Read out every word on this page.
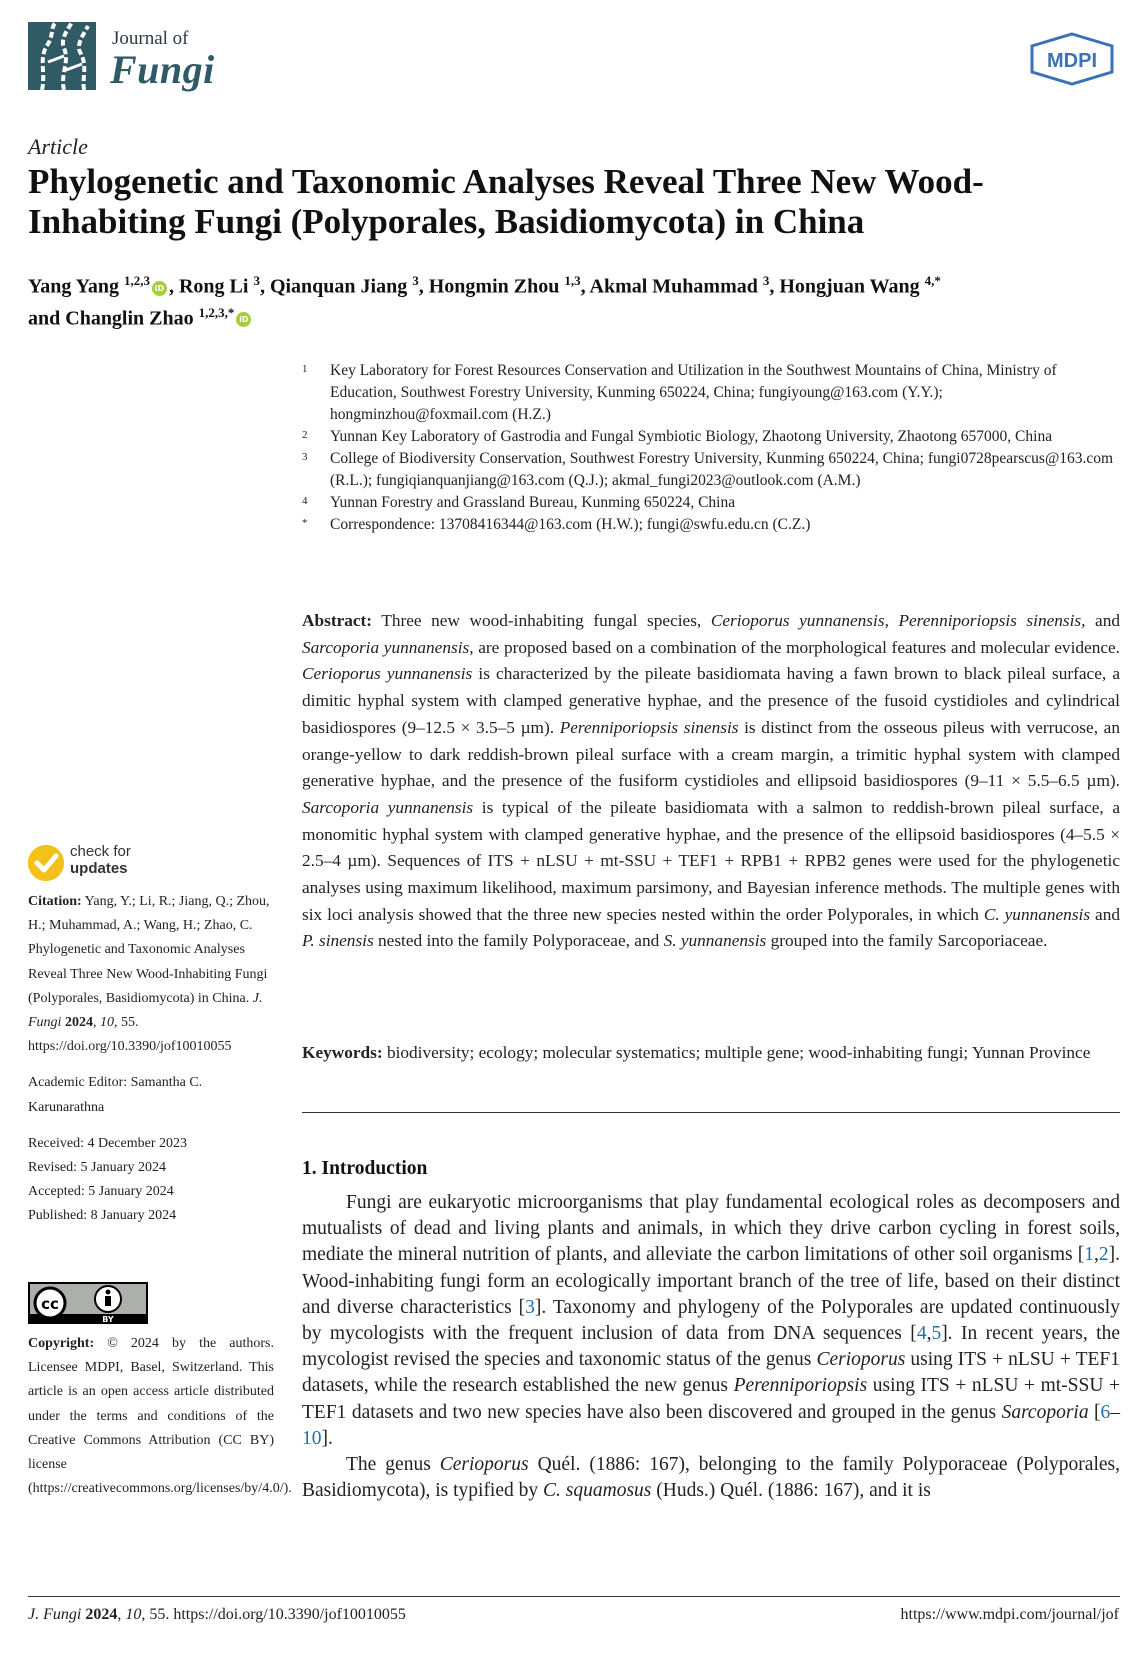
Journal of
Fungi	MDPI
Article
Phylogenetic and Taxonomic Analyses Reveal Three New Wood-Inhabiting Fungi (Polyporales, Basidiomycota) in China
Yang Yang $^{1,2,3}$iD , Rong Li $^3$, Qianquan Jiang $^3$, Hongmin Zhou $^{1,3}$, Akmal Muhammad $^3$, Hongjuan Wang $^{4,*}$
and Changlin Zhao $^{1,2,3,*}$iD
1	Key Laboratory for Forest Resources Conservation and Utilization in the Southwest Mountains of China, Ministry of Education, Southwest Forestry University, Kunming 650224, China; fungiyoung@163.com (Y.Y.); hongminzhou@foxmail.com (H.Z.)
2	Yunnan Key Laboratory of Gastrodia and Fungal Symbiotic Biology, Zhaotong University, Zhaotong 657000, China
3	College of Biodiversity Conservation, Southwest Forestry University, Kunming 650224, China; fungi0728pearscus@163.com (R.L.); fungiqianquanjiang@163.com (Q.J.); akmal_fungi2023@outlook.com (A.M.)
4	Yunnan Forestry and Grassland Bureau, Kunming 650224, China
*	Correspondence: 13708416344@163.com (H.W.); fungi@swfu.edu.cn (C.Z.)
Abstract: Three new wood-inhabiting fungal species, Cerioporus yunnanensis, Perenniporiopsis sinensis, and Sarcoporia yunnanensis, are proposed based on a combination of the morphological features and molecular evidence. Cerioporus yunnanensis is characterized by the pileate basidiomata having a fawn brown to black pileal surface, a dimitic hyphal system with clamped generative hyphae, and the presence of the fusoid cystidioles and cylindrical basidiospores (9–12.5 × 3.5–5 µm). Perenniporiopsis sinensis is distinct from the osseous pileus with verrucose, an orange-yellow to dark reddish-brown pileal surface with a cream margin, a trimitic hyphal system with clamped generative hyphae, and the presence of the fusiform cystidioles and ellipsoid basidiospores (9–11 × 5.5–6.5 µm). Sarcoporia yunnanensis is typical of the pileate basidiomata with a salmon to reddish-brown pileal surface, a monomitic hyphal system with clamped generative hyphae, and the presence of the ellipsoid basidiospores (4–5.5 × 2.5–4 µm). Sequences of ITS + nLSU + mt-SSU + TEF1 + RPB1 + RPB2 genes were used for the phylogenetic analyses using maximum likelihood, maximum parsimony, and Bayesian inference methods. The multiple genes with six loci analysis showed that the three new species nested within the order Polyporales, in which C. yunnanensis and P. sinensis nested into the family Polyporaceae, and S. yunnanensis grouped into the family Sarcoporiaceae.
Keywords: biodiversity; ecology; molecular systematics; multiple gene; wood-inhabiting fungi; Yunnan Province
1. Introduction

Fungi are eukaryotic microorganisms that play fundamental ecological roles as decomposers and mutualists of dead and living plants and animals, in which they drive carbon cycling in forest soils, mediate the mineral nutrition of plants, and alleviate the carbon limitations of other soil organisms [1,2]. Wood-inhabiting fungi form an ecologically important branch of the tree of life, based on their distinct and diverse characteristics [3]. Taxonomy and phylogeny of the Polyporales are updated continuously by mycologists with the frequent inclusion of data from DNA sequences [4,5]. In recent years, the mycologist revised the species and taxonomic status of the genus Cerioporus using ITS + nLSU + TEF1 datasets, while the research established the new genus Perenniporiopsis using ITS + nLSU + mt-SSU + TEF1 datasets and two new species have also been discovered and grouped in the genus Sarcoporia [6–10].

The genus Cerioporus Quél. (1886: 167), belonging to the family Polyporaceae (Polyporales, Basidiomycota), is typified by C. squamosus (Huds.) Quél. (1886: 167), and it is

check for
updates
Citation: Yang, Y.; Li, R.; Jiang, Q.; Zhou, H.; Muhammad, A.; Wang, H.; Zhao, C. Phylogenetic and Taxonomic Analyses Reveal Three New Wood-Inhabiting Fungi (Polyporales, Basidiomycota) in China. J. Fungi 2024, 10, 55. https://doi.org/10.3390/jof10010055
Academic Editor: Samantha C. Karunarathna
Received: 4 December 2023
Revised: 5 January 2024
Accepted: 5 January 2024
Published: 8 January 2024
cc
BY
Copyright: © 2024 by the authors. Licensee MDPI, Basel, Switzerland. This article is an open access article distributed under the terms and conditions of the Creative Commons Attribution (CC BY) license (https://creativecommons.org/licenses/by/4.0/).
J. Fungi 2024, 10, 55. https://doi.org/10.3390/jof10010055	https://www.mdpi.com/journal/jof
